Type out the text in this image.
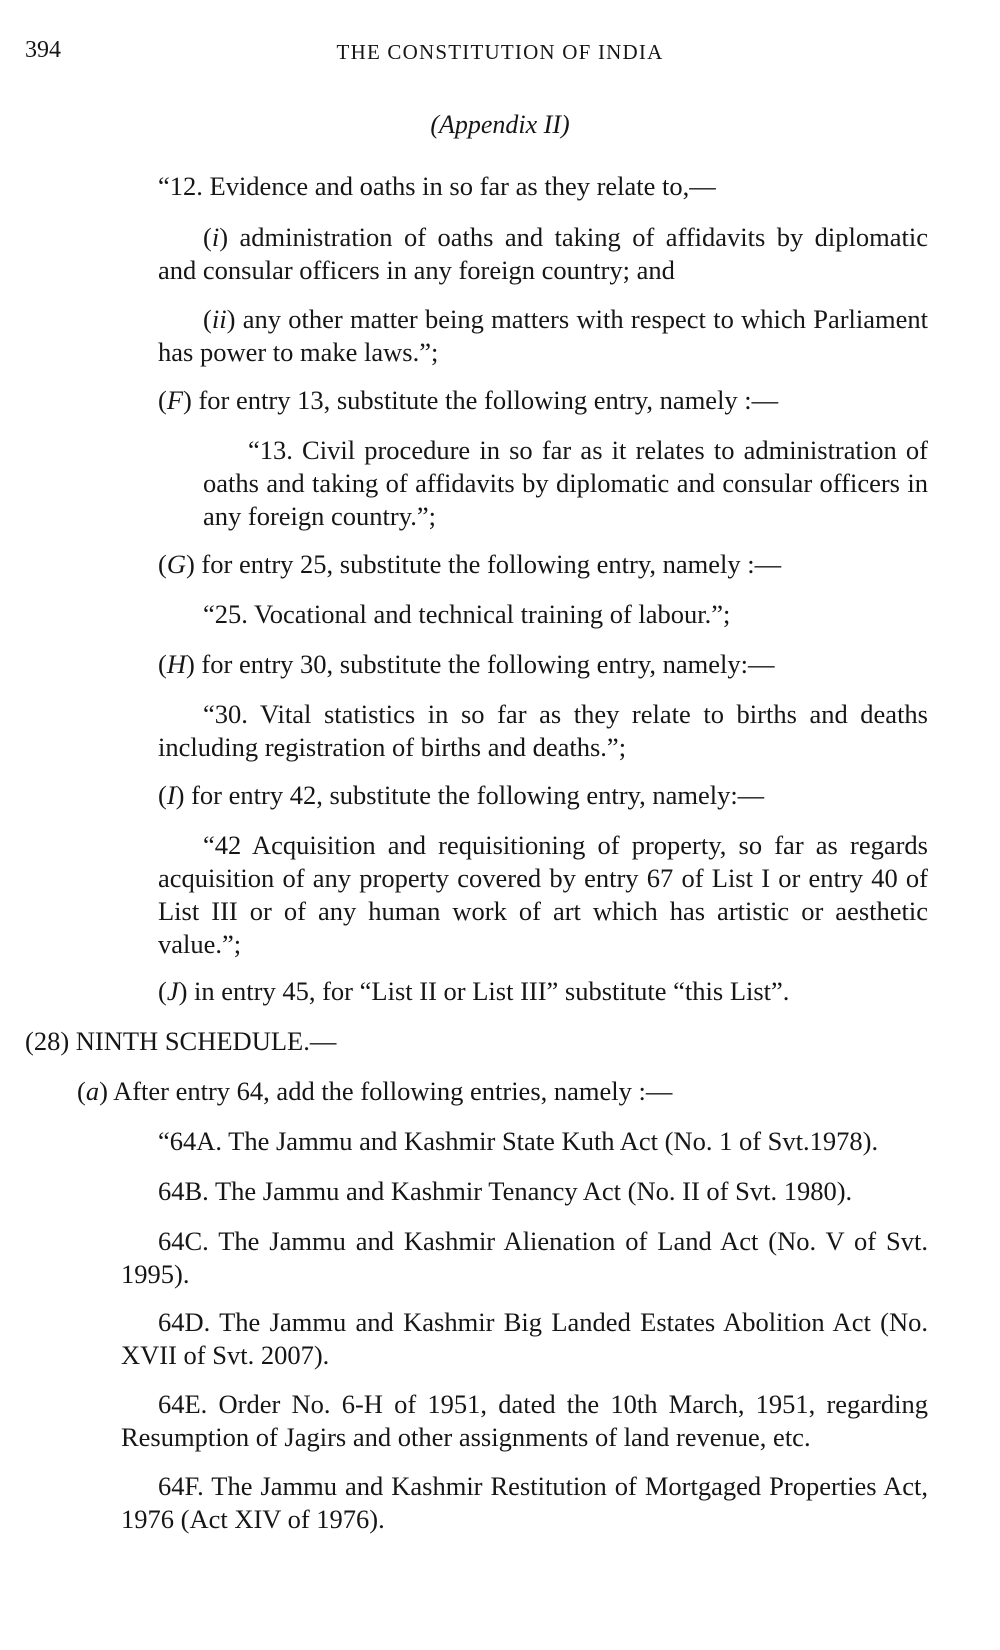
394	THE CONSTITUTION OF INDIA
(Appendix II)

“12. Evidence and oaths in so far as they relate to,—

(i) administration of oaths and taking of affidavits by diplomatic and consular officers in any foreign country; and

(ii) any other matter being matters with respect to which Parliament has power to make laws.”;

(F) for entry 13, substitute the following entry, namely :—

“13. Civil procedure in so far as it relates to administration of oaths and taking of affidavits by diplomatic and consular officers in any foreign country.”;

(G) for entry 25, substitute the following entry, namely :—

“25. Vocational and technical training of labour.”;

(H) for entry 30, substitute the following entry, namely:—

“30. Vital statistics in so far as they relate to births and deaths including registration of births and deaths.”;

(I) for entry 42, substitute the following entry, namely:—

“42 Acquisition and requisitioning of property, so far as regards acquisition of any property covered by entry 67 of List I or entry 40 of List III or of any human work of art which has artistic or aesthetic value.”;

(J) in entry 45, for “List II or List III” substitute “this List”.

(28) NINTH SCHEDULE.—

(a) After entry 64, add the following entries, namely :—

“64A. The Jammu and Kashmir State Kuth Act (No. 1 of Svt.1978).

64B. The Jammu and Kashmir Tenancy Act (No. II of Svt. 1980).

64C. The Jammu and Kashmir Alienation of Land Act (No. V of Svt. 1995).

64D. The Jammu and Kashmir Big Landed Estates Abolition Act (No. XVII of Svt. 2007).

64E. Order No. 6-H of 1951, dated the 10th March, 1951, regarding Resumption of Jagirs and other assignments of land revenue, etc.

64F. The Jammu and Kashmir Restitution of Mortgaged Properties Act, 1976 (Act XIV of 1976).
